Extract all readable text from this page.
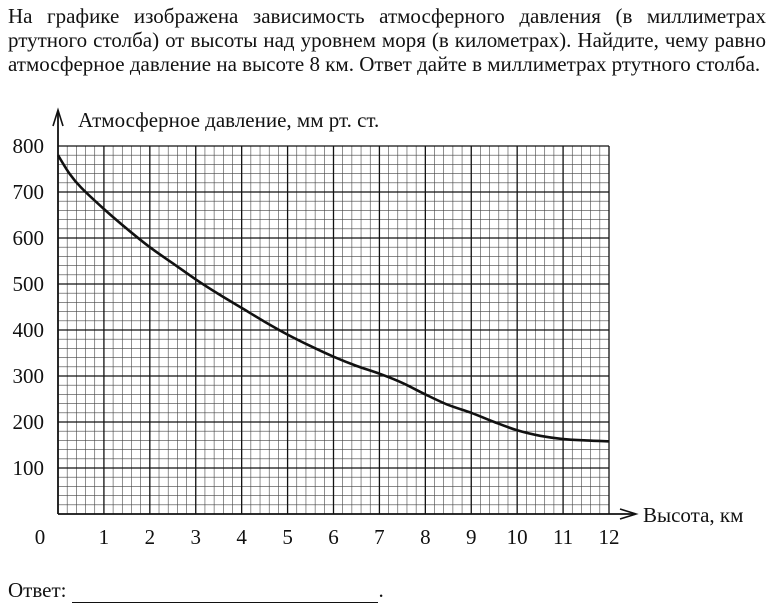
На графике изображена зависимость атмосферного давления (в миллиметрах ртутного столба) от высоты над уровнем моря (в километрах). Найдите, чему равно атмосферное давление на высоте 8 км. Ответ дайте в миллиметрах ртутного столба.
1 2 3 4 5 6 7 8 9 10 11 12
100
200
300
400
500
600
700
800
Атмосферное давление, мм рт. ст.
Высота, км
0
Ответ:	.
